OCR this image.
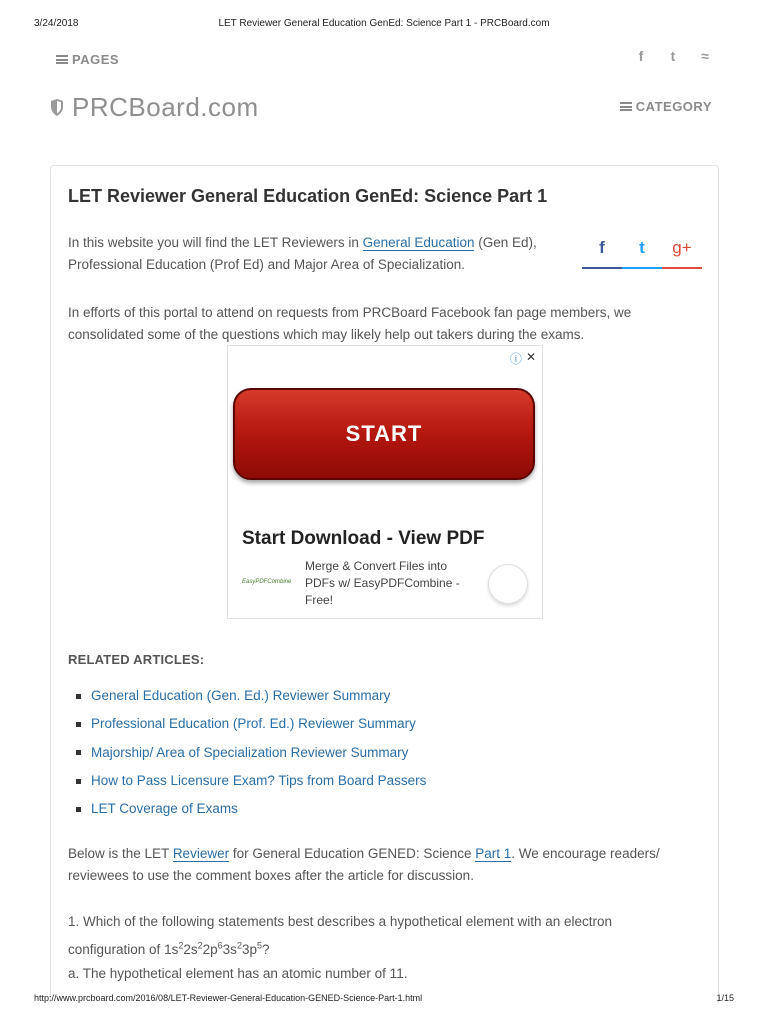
3/24/2018	LET Reviewer General Education GenEd: Science Part 1 - PRCBoard.com
PAGES	f	t	≈
PRCBoard.com	CATEGORY
LET Reviewer General Education GenEd: Science Part 1

In this website you will find the LET Reviewers in General Education (Gen Ed),
Professional Education (Prof Ed) and Major Area of Specialization.

f	t	g+

In efforts of this portal to attend on requests from PRCBoard Facebook fan page members, we
consolidated some of the questions which may likely help out takers during the exams.

ⓘ ✕
START
Start Download - View PDF
EasyPDFCombine
Merge & Convert Files into PDFs w/ EasyPDFCombine - Free!
RELATED ARTICLES:
General Education (Gen. Ed.) Reviewer Summary
Professional Education (Prof. Ed.) Reviewer Summary
Majorship/ Area of Specialization Reviewer Summary
How to Pass Licensure Exam? Tips from Board Passers
LET Coverage of Exams

Below is the LET Reviewer for General Education GENED: Science Part 1. We encourage readers/
reviewees to use the comment boxes after the article for discussion.

1. Which of the following statements best describes a hypothetical element with an electron
configuration of $1s^22s^22p^63s^23p^5$?
a. The hypothetical element has an atomic number of 11.
http://www.prcboard.com/2016/08/LET-Reviewer-General-Education-GENED-Science-Part-1.html	1/15
